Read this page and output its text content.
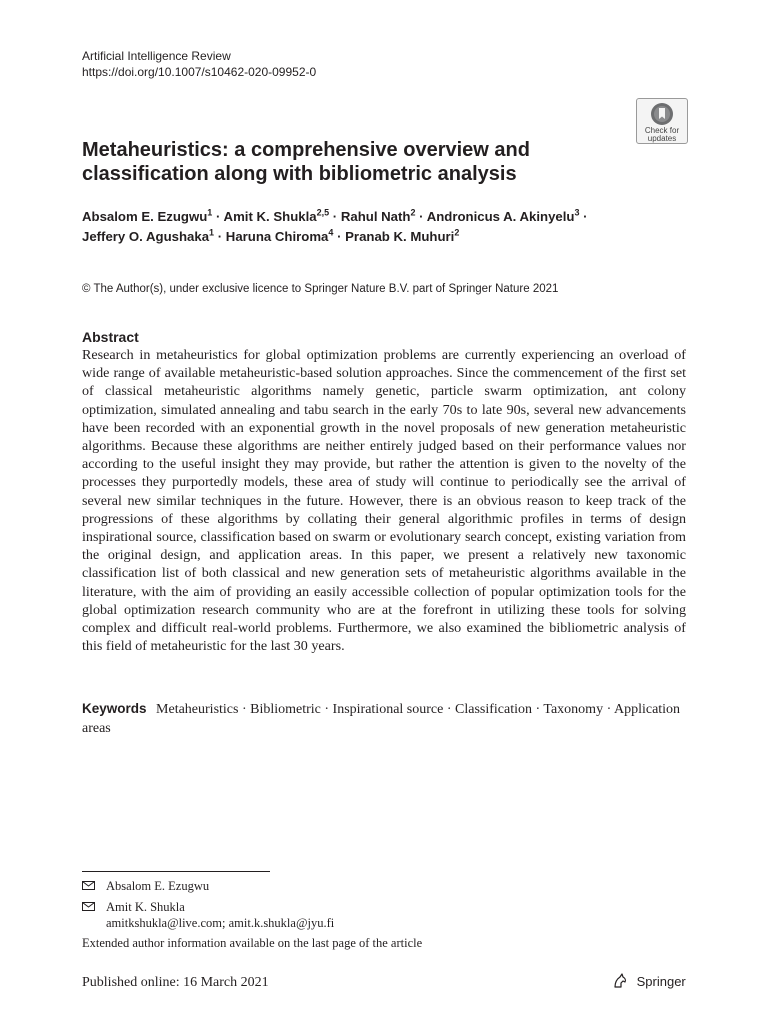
Artificial Intelligence Review
https://doi.org/10.1007/s10462-020-09952-0
Check for
updates
Metaheuristics: a comprehensive overview and classification along with bibliometric analysis
Absalom E. Ezugwu$^1$ · Amit K. Shukla$^{2,5}$ · Rahul Nath$^2$ · Andronicus A. Akinyelu$^3$ ·
Jeffery O. Agushaka$^1$ · Haruna Chiroma$^4$ · Pranab K. Muhuri$^2$
© The Author(s), under exclusive licence to Springer Nature B.V. part of Springer Nature 2021
Abstract

Research in metaheuristics for global optimization problems are currently experiencing an overload of wide range of available metaheuristic-based solution approaches. Since the commencement of the first set of classical metaheuristic algorithms namely genetic, particle swarm optimization, ant colony optimization, simulated annealing and tabu search in the early 70s to late 90s, several new advancements have been recorded with an exponential growth in the novel proposals of new generation metaheuristic algorithms. Because these algorithms are neither entirely judged based on their performance values nor according to the useful insight they may provide, but rather the attention is given to the novelty of the processes they purportedly models, these area of study will continue to periodically see the arrival of several new similar techniques in the future. However, there is an obvious reason to keep track of the progressions of these algorithms by collating their general algorithmic profiles in terms of design inspirational source, classification based on swarm or evolutionary search concept, existing variation from the original design, and application areas. In this paper, we present a relatively new taxonomic classification list of both classical and new generation sets of metaheuristic algorithms available in the literature, with the aim of providing an easily accessible collection of popular optimization tools for the global optimization research community who are at the forefront in utilizing these tools for solving complex and difficult real-world problems. Furthermore, we also examined the bibliometric analysis of this field of metaheuristic for the last 30 years.

Keywords Metaheuristics · Bibliometric · Inspirational source · Classification · Taxonomy · Application areas
Absalom E. Ezugwu
Amit K. Shukla
amitkshukla@live.com; amit.k.shukla@jyu.fi
Extended author information available on the last page of the article
Published online: 16 March 2021	Springer
